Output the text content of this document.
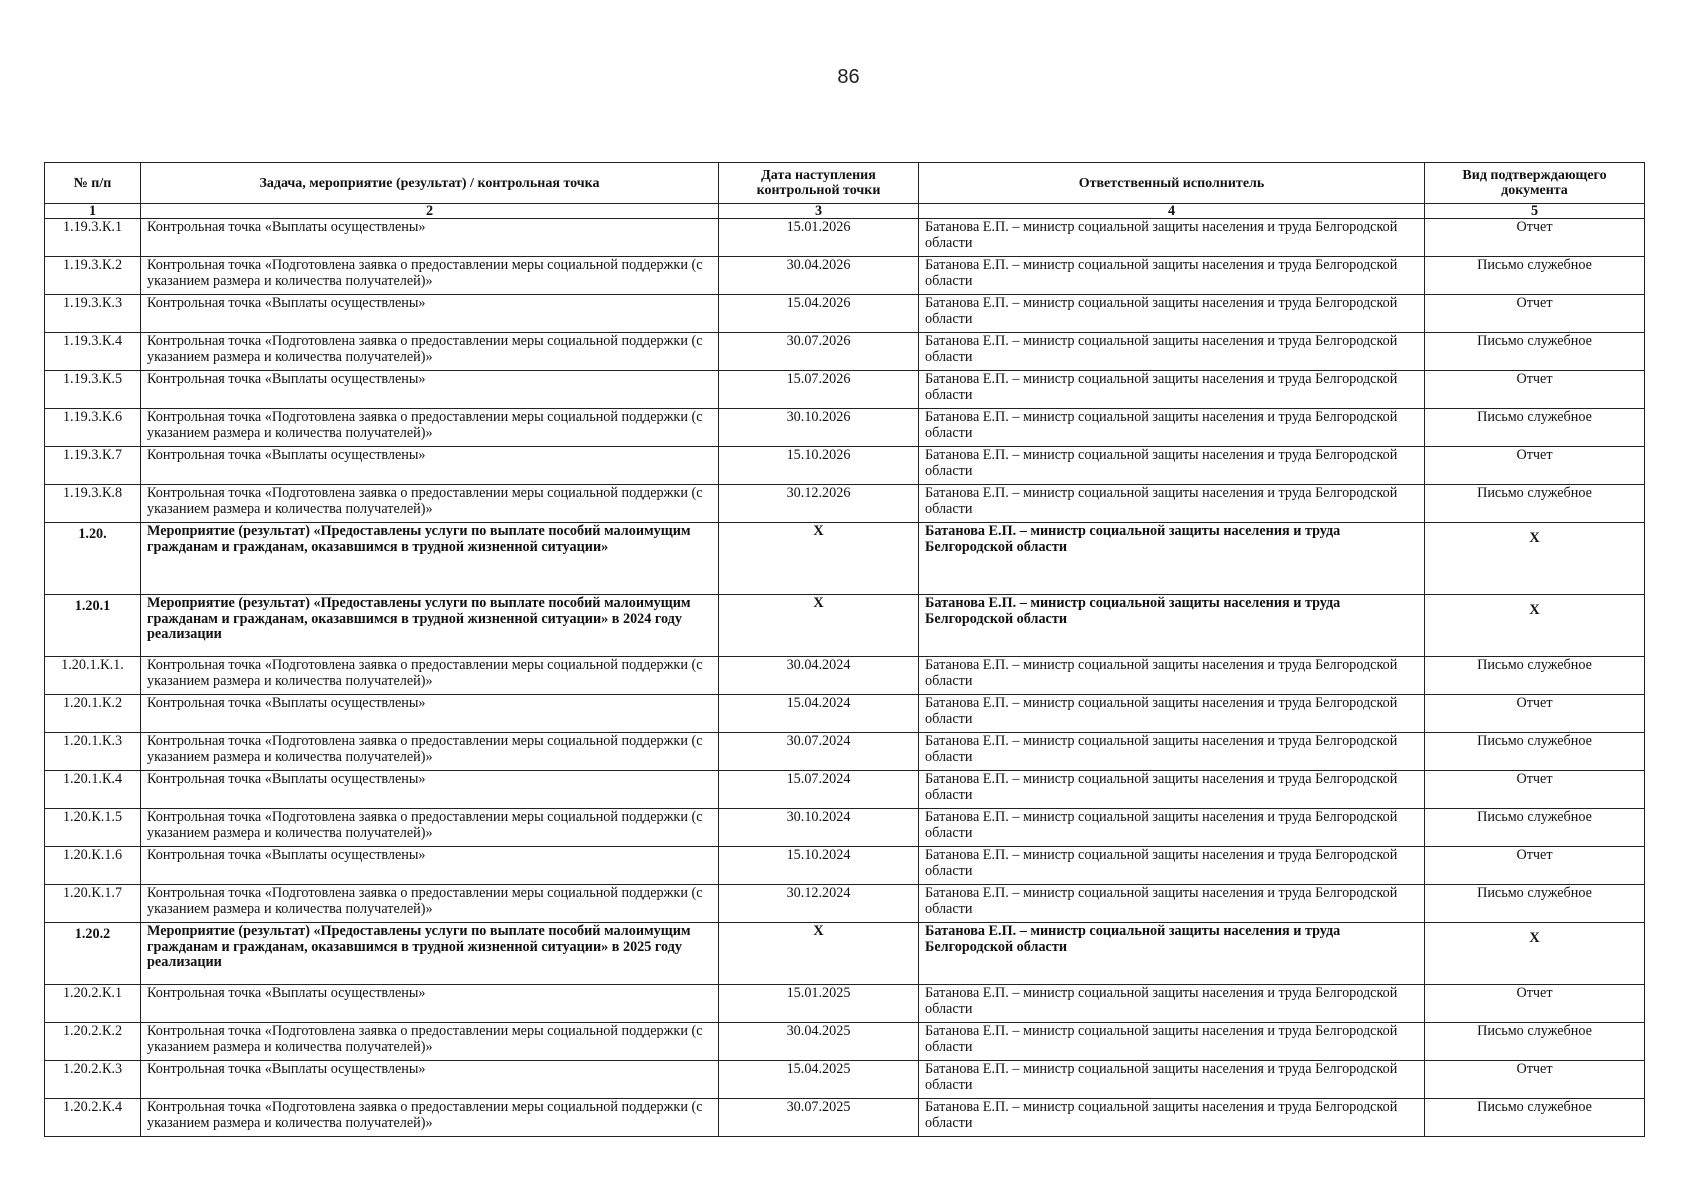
86
№ п/п	Задача, мероприятие (результат) / контрольная точка	Дата наступления контрольной точки	Ответственный исполнитель	Вид подтверждающего документа
1	2	3	4	5
1.19.3.К.1	Контрольная точка «Выплаты осуществлены»	15.01.2026	Батанова Е.П. – министр социальной защиты населения и труда Белгородской области	Отчет
1.19.3.К.2	Контрольная точка «Подготовлена заявка о предоставлении меры социальной поддержки (с указанием размера и количества получателей)»	30.04.2026	Батанова Е.П. – министр социальной защиты населения и труда Белгородской области	Письмо служебное
1.19.3.К.3	Контрольная точка «Выплаты осуществлены»	15.04.2026	Батанова Е.П. – министр социальной защиты населения и труда Белгородской области	Отчет
1.19.3.К.4	Контрольная точка «Подготовлена заявка о предоставлении меры социальной поддержки (с указанием размера и количества получателей)»	30.07.2026	Батанова Е.П. – министр социальной защиты населения и труда Белгородской области	Письмо служебное
1.19.3.К.5	Контрольная точка «Выплаты осуществлены»	15.07.2026	Батанова Е.П. – министр социальной защиты населения и труда Белгородской области	Отчет
1.19.3.К.6	Контрольная точка «Подготовлена заявка о предоставлении меры социальной поддержки (с указанием размера и количества получателей)»	30.10.2026	Батанова Е.П. – министр социальной защиты населения и труда Белгородской области	Письмо служебное
1.19.3.К.7	Контрольная точка «Выплаты осуществлены»	15.10.2026	Батанова Е.П. – министр социальной защиты населения и труда Белгородской области	Отчет
1.19.3.К.8	Контрольная точка «Подготовлена заявка о предоставлении меры социальной поддержки (с указанием размера и количества получателей)»	30.12.2026	Батанова Е.П. – министр социальной защиты населения и труда Белгородской области	Письмо служебное
1.20.	Мероприятие (результат) «Предоставлены услуги по выплате пособий малоимущим гражданам и гражданам, оказавшимся в трудной жизненной ситуации»	X	Батанова Е.П. – министр социальной защиты населения и труда Белгородской области	X
1.20.1	Мероприятие (результат) «Предоставлены услуги по выплате пособий малоимущим гражданам и гражданам, оказавшимся в трудной жизненной ситуации» в 2024 году реализации	X	Батанова Е.П. – министр социальной защиты населения и труда Белгородской области	X
1.20.1.К.1.	Контрольная точка «Подготовлена заявка о предоставлении меры социальной поддержки (с указанием размера и количества получателей)»	30.04.2024	Батанова Е.П. – министр социальной защиты населения и труда Белгородской области	Письмо служебное
1.20.1.К.2	Контрольная точка «Выплаты осуществлены»	15.04.2024	Батанова Е.П. – министр социальной защиты населения и труда Белгородской области	Отчет
1.20.1.К.3	Контрольная точка «Подготовлена заявка о предоставлении меры социальной поддержки (с указанием размера и количества получателей)»	30.07.2024	Батанова Е.П. – министр социальной защиты населения и труда Белгородской области	Письмо служебное
1.20.1.К.4	Контрольная точка «Выплаты осуществлены»	15.07.2024	Батанова Е.П. – министр социальной защиты населения и труда Белгородской области	Отчет
1.20.К.1.5	Контрольная точка «Подготовлена заявка о предоставлении меры социальной поддержки (с указанием размера и количества получателей)»	30.10.2024	Батанова Е.П. – министр социальной защиты населения и труда Белгородской области	Письмо служебное
1.20.К.1.6	Контрольная точка «Выплаты осуществлены»	15.10.2024	Батанова Е.П. – министр социальной защиты населения и труда Белгородской области	Отчет
1.20.К.1.7	Контрольная точка «Подготовлена заявка о предоставлении меры социальной поддержки (с указанием размера и количества получателей)»	30.12.2024	Батанова Е.П. – министр социальной защиты населения и труда Белгородской области	Письмо служебное
1.20.2	Мероприятие (результат) «Предоставлены услуги по выплате пособий малоимущим гражданам и гражданам, оказавшимся в трудной жизненной ситуации» в 2025 году реализации	X	Батанова Е.П. – министр социальной защиты населения и труда Белгородской области	X
1.20.2.К.1	Контрольная точка «Выплаты осуществлены»	15.01.2025	Батанова Е.П. – министр социальной защиты населения и труда Белгородской области	Отчет
1.20.2.К.2	Контрольная точка «Подготовлена заявка о предоставлении меры социальной поддержки (с указанием размера и количества получателей)»	30.04.2025	Батанова Е.П. – министр социальной защиты населения и труда Белгородской области	Письмо служебное
1.20.2.К.3	Контрольная точка «Выплаты осуществлены»	15.04.2025	Батанова Е.П. – министр социальной защиты населения и труда Белгородской области	Отчет
1.20.2.К.4	Контрольная точка «Подготовлена заявка о предоставлении меры социальной поддержки (с указанием размера и количества получателей)»	30.07.2025	Батанова Е.П. – министр социальной защиты населения и труда Белгородской области	Письмо служебное
